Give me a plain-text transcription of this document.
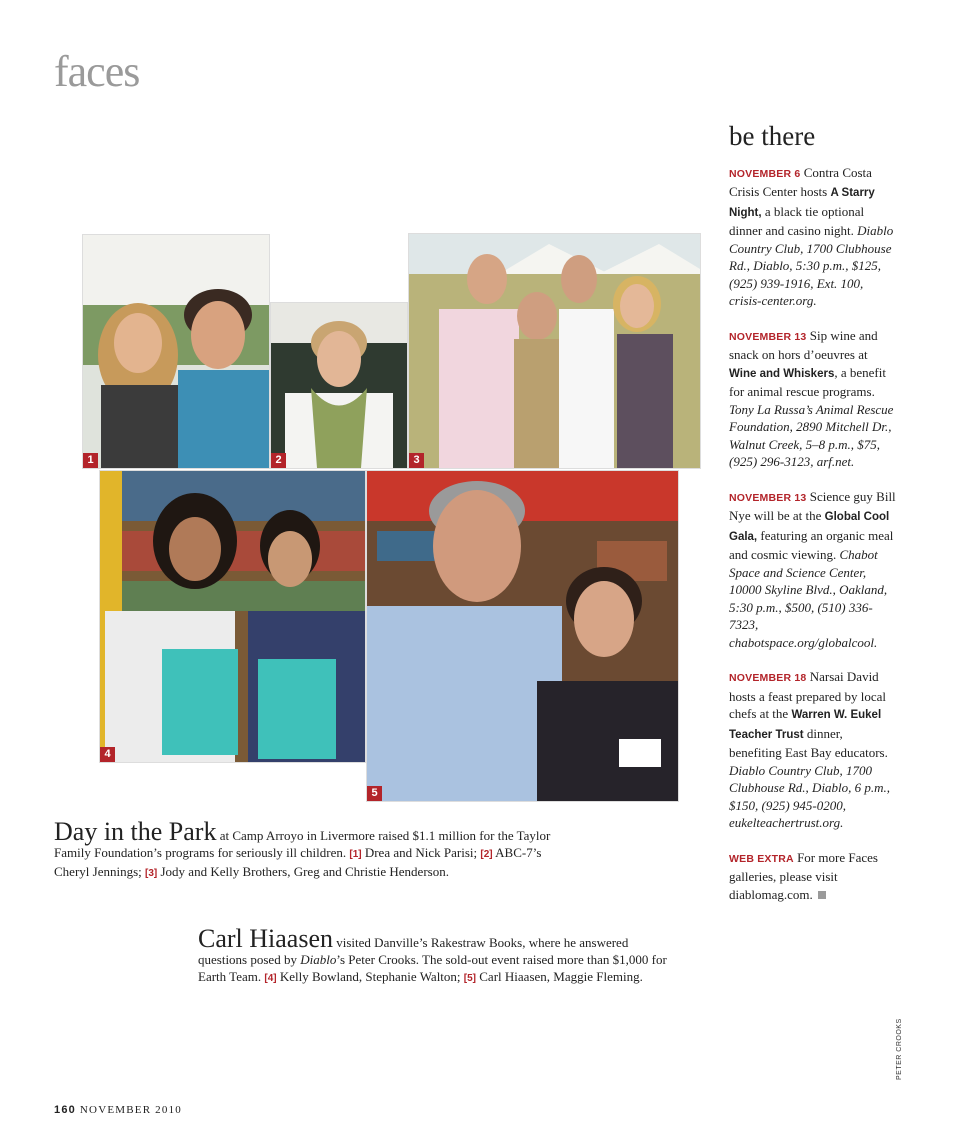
faces
1	2	3
4
5
Day in the Park at Camp Arroyo in Livermore raised $1.1 million for the Taylor Family Foundation’s programs for seriously ill children. [1] Drea and Nick Parisi; [2] ABC-7’s Cheryl Jennings; [3] Jody and Kelly Brothers, Greg and Christie Henderson.
Carl Hiaasen visited Danville’s Rakestraw Books, where he answered questions posed by Diablo’s Peter Crooks. The sold-out event raised more than $1,000 for Earth Team. [4] Kelly Bowland, Stephanie Walton; [5] Carl Hiaasen, Maggie Fleming.
be there
NOVEMBER 6 Contra Costa Crisis Center hosts A Starry Night, a black tie optional dinner and casino night. Diablo Country Club, 1700 Clubhouse Rd., Diablo, 5:30 p.m., $125, (925) 939-1916, Ext. 100, crisis-center.org.
NOVEMBER 13 Sip wine and snack on hors d’oeuvres at Wine and Whiskers, a benefit for animal rescue programs. Tony La Russa’s Animal Rescue Foundation, 2890 Mitchell Dr., Walnut Creek, 5–8 p.m., $75, (925) 296-3123, arf.net.
NOVEMBER 13 Science guy Bill Nye will be at the Global Cool Gala, featuring an organic meal and cosmic viewing. Chabot Space and Science Center, 10000 Skyline Blvd., Oakland, 5:30 p.m., $500, (510) 336-7323, chabotspace.org/globalcool.
NOVEMBER 18 Narsai David hosts a feast prepared by local chefs at the Warren W. Eukel Teacher Trust dinner, benefiting East Bay educators. Diablo Country Club, 1700 Clubhouse Rd., Diablo, 6 p.m., $150, (925) 945-0200, eukelteachertrust.org.
WEB EXTRA For more Faces galleries, please visit diablomag.com.
PETER CROOKS
160 NOVEMBER 2010
